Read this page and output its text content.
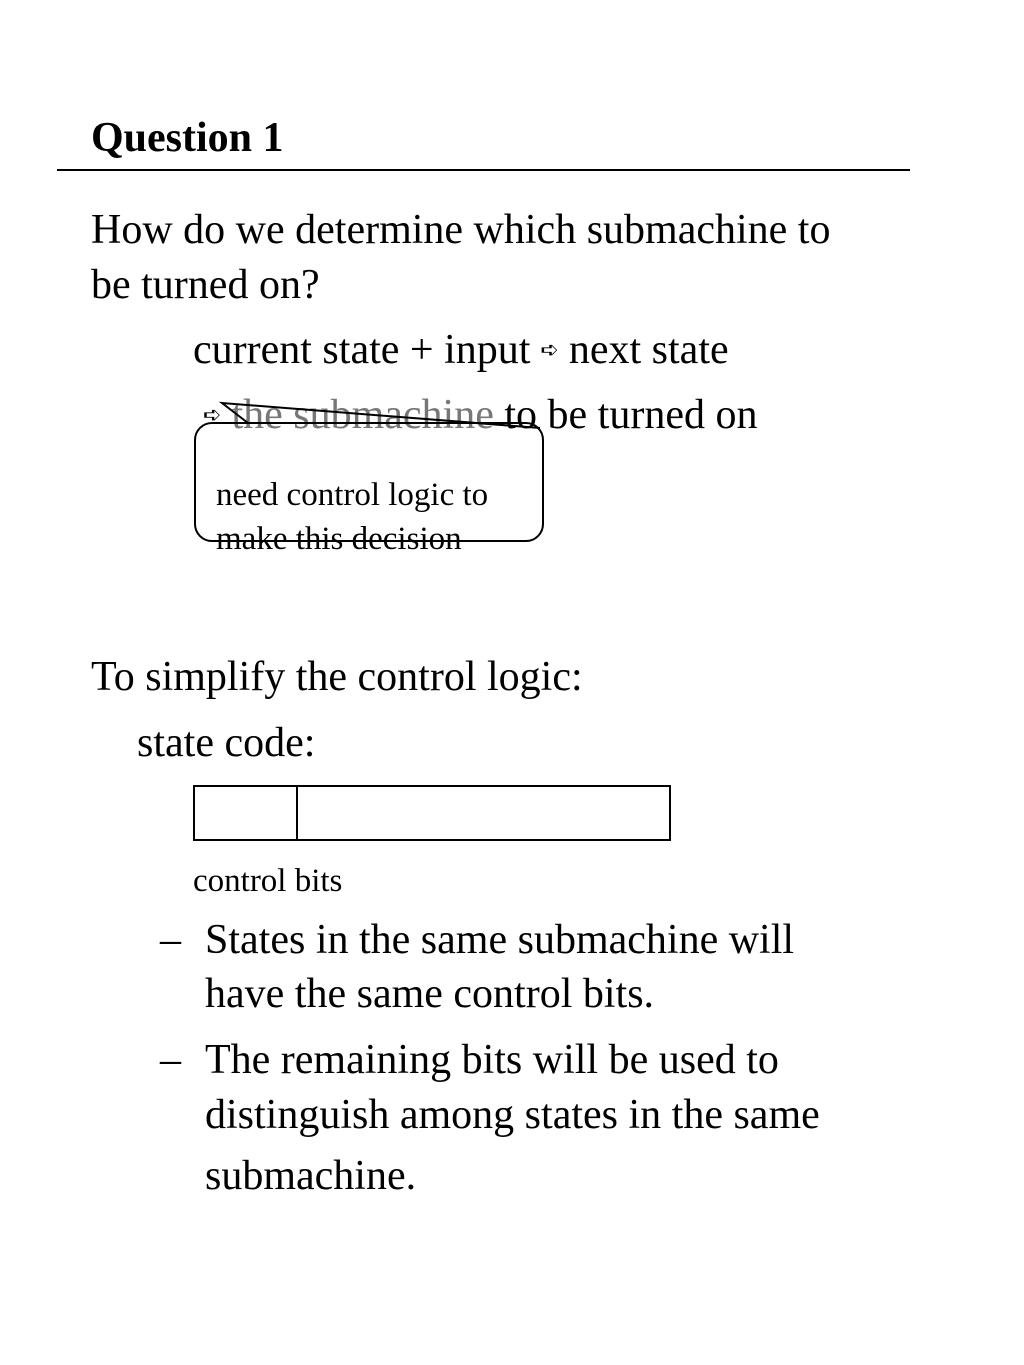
Question 1
How do we determine which submachine to
be turned on?
current state + input ➪ next state
➪ the submachine to be turned on
need control logic to
make this decision
To simplify the control logic:
state code:
control bits
– States in the same submachine will
have the same control bits.
– The remaining bits will be used to
distinguish among states in the same
submachine.
